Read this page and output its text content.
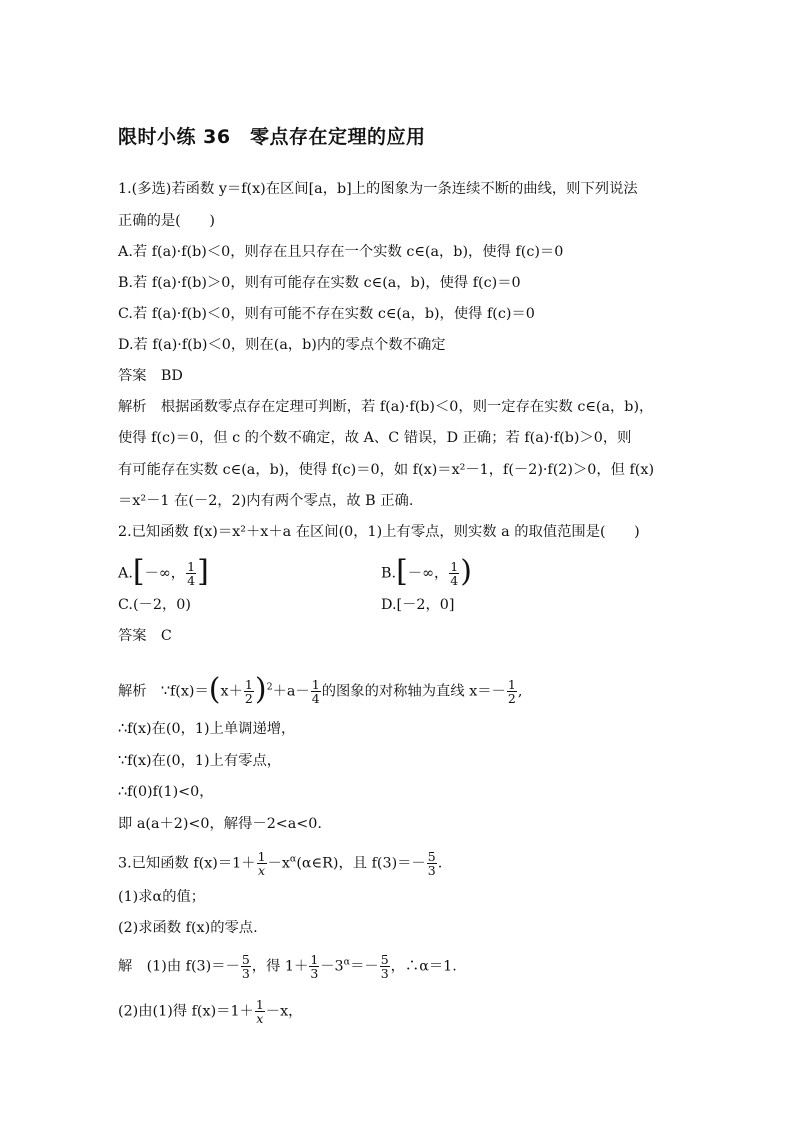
限时小练 36　零点存在定理的应用
1.(多选)若函数 y＝f(x)在区间[a，b]上的图象为一条连续不断的曲线，则下列说法
正确的是(　　)
A.若 f(a)·f(b)＜0，则存在且只存在一个实数 c∈(a，b)，使得 f(c)＝0
B.若 f(a)·f(b)＞0，则有可能存在实数 c∈(a，b)，使得 f(c)＝0
C.若 f(a)·f(b)＜0，则有可能不存在实数 c∈(a，b)，使得 f(c)＝0
D.若 f(a)·f(b)＜0，则在(a，b)内的零点个数不确定
答案  BD
解析  根据函数零点存在定理可判断，若 f(a)·f(b)＜0，则一定存在实数 c∈(a，b)，
使得 f(c)＝0，但 c 的个数不确定，故 A、C 错误，D 正确；若 f(a)·f(b)＞0，则
有可能存在实数 c∈(a，b)，使得 f(c)＝0，如 f(x)＝x²－1，f(－2)·f(2)＞0，但 f(x)
＝x²－1 在(－2，2)内有两个零点，故 B 正确.
2.已知函数 f(x)＝x²＋x＋a 在区间(0，1)上有零点，则实数 a 的取值范围是(　　)
A.[－∞， $\frac{1}{4}$ ]	B.[－∞， $\frac{1}{4}$ )
C.(－2，0)	D.[－2，0]
答案  C
解析  ∵f(x)＝(x＋ $\frac{1}{2} )^2+a- \frac{1}{4}$ 的图象的对称轴为直线 $x=- \frac{1}{2}$ ,
∴f(x)在(0，1)上单调递增，
∵f(x)在(0，1)上有零点，
∴f(0)f(1)<0，
即 a(a＋2)<0，解得－2<a<0.
3.已知函数 $f(x)=1+ \frac{1}{x}$ $-x^\alpha(\alpha\in R)$，且 $f(3)=- \frac{5}{3}$ .
(1)求α的值；
(2)求函数 f(x)的零点.
解  (1)由 $f(3)=- \frac{5}{3}$ ，得 $1+ \frac{1}{3} -3^\alpha=- \frac{5}{3}$ ，∴α＝1.
(2)由(1)得 $f(x)=1+ \frac{1}{x} -x$，
